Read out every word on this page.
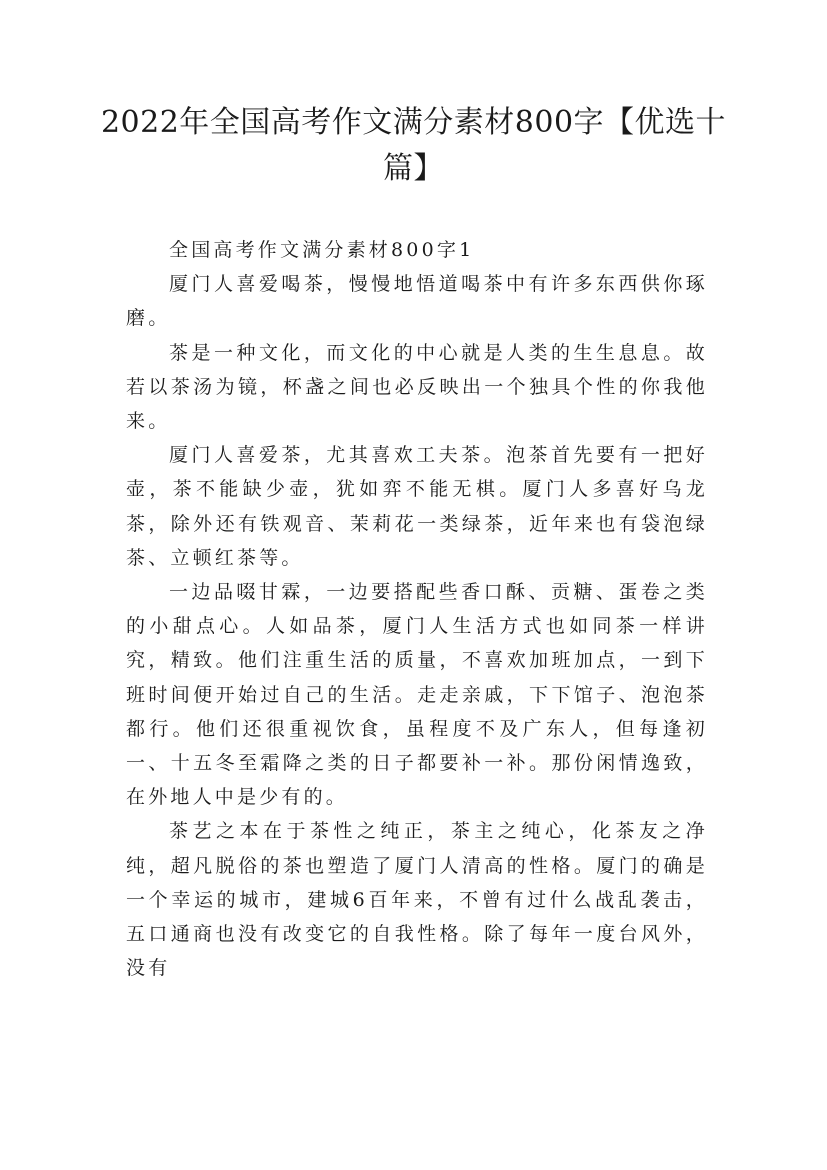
2022年全国高考作文满分素材800字【优选十篇】

全国高考作文满分素材800字1

厦门人喜爱喝茶，慢慢地悟道喝茶中有许多东西供你琢磨。

茶是一种文化，而文化的中心就是人类的生生息息。故若以茶汤为镜，杯盏之间也必反映出一个独具个性的你我他来。

厦门人喜爱茶，尤其喜欢工夫茶。泡茶首先要有一把好壶，茶不能缺少壶，犹如弈不能无棋。厦门人多喜好乌龙茶，除外还有铁观音、茉莉花一类绿茶，近年来也有袋泡绿茶、立顿红茶等。

一边品啜甘霖，一边要搭配些香口酥、贡糖、蛋卷之类的小甜点心。人如品茶，厦门人生活方式也如同茶一样讲究，精致。他们注重生活的质量，不喜欢加班加点，一到下班时间便开始过自己的生活。走走亲戚，下下馆子、泡泡茶都行。他们还很重视饮食，虽程度不及广东人，但每逢初一、十五冬至霜降之类的日子都要补一补。那份闲情逸致，在外地人中是少有的。

茶艺之本在于茶性之纯正，茶主之纯心，化茶友之净纯，超凡脱俗的茶也塑造了厦门人清高的性格。厦门的确是一个幸运的城市，建城6百年来，不曾有过什么战乱袭击，五口通商也没有改变它的自我性格。除了每年一度台风外，没有
